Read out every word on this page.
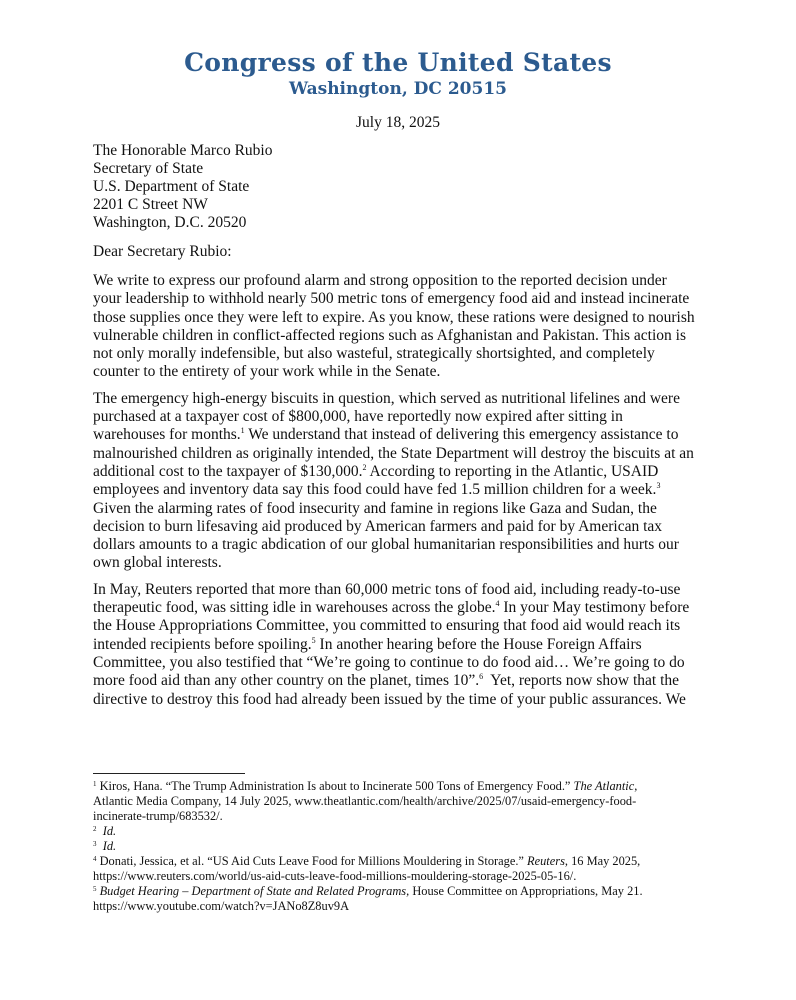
Congress of the United States
Washington, DC 20515
July 18, 2025
The Honorable Marco Rubio
Secretary of State
U.S. Department of State
2201 C Street NW
Washington, D.C. 20520
Dear Secretary Rubio:

We write to express our profound alarm and strong opposition to the reported decision under
your leadership to withhold nearly 500 metric tons of emergency food aid and instead incinerate
those supplies once they were left to expire. As you know, these rations were designed to nourish
vulnerable children in conflict-affected regions such as Afghanistan and Pakistan. This action is
not only morally indefensible, but also wasteful, strategically shortsighted, and completely
counter to the entirety of your work while in the Senate.

The emergency high-energy biscuits in question, which served as nutritional lifelines and were
purchased at a taxpayer cost of $800,000, have reportedly now expired after sitting in
warehouses for months.$^1$ We understand that instead of delivering this emergency assistance to
malnourished children as originally intended, the State Department will destroy the biscuits at an
additional cost to the taxpayer of $130,000.$^2$ According to reporting in the Atlantic, USAID
employees and inventory data say this food could have fed 1.5 million children for a week.$^3$
Given the alarming rates of food insecurity and famine in regions like Gaza and Sudan, the
decision to burn lifesaving aid produced by American farmers and paid for by American tax
dollars amounts to a tragic abdication of our global humanitarian responsibilities and hurts our
own global interests.

In May, Reuters reported that more than 60,000 metric tons of food aid, including ready-to-use
therapeutic food, was sitting idle in warehouses across the globe.$^4$ In your May testimony before
the House Appropriations Committee, you committed to ensuring that food aid would reach its
intended recipients before spoiling.$^5$ In another hearing before the House Foreign Affairs
Committee, you also testified that “We’re going to continue to do food aid… We’re going to do
more food aid than any other country on the planet, times 10”.$^6$ Yet, reports now show that the
directive to destroy this food had already been issued by the time of your public assurances. We

$^1$ Kiros, Hana. “The Trump Administration Is about to Incinerate 500 Tons of Emergency Food.” The Atlantic,
Atlantic Media Company, 14 July 2025, www.theatlantic.com/health/archive/2025/07/usaid-emergency-food-
incinerate-trump/683532/.
$^2$ Id.
$^3$ Id.
$^4$ Donati, Jessica, et al. “US Aid Cuts Leave Food for Millions Mouldering in Storage.” Reuters, 16 May 2025,
https://www.reuters.com/world/us-aid-cuts-leave-food-millions-mouldering-storage-2025-05-16/.
$^5$ Budget Hearing – Department of State and Related Programs, House Committee on Appropriations, May 21.
https://www.youtube.com/watch?v=JANo8Z8uv9A
